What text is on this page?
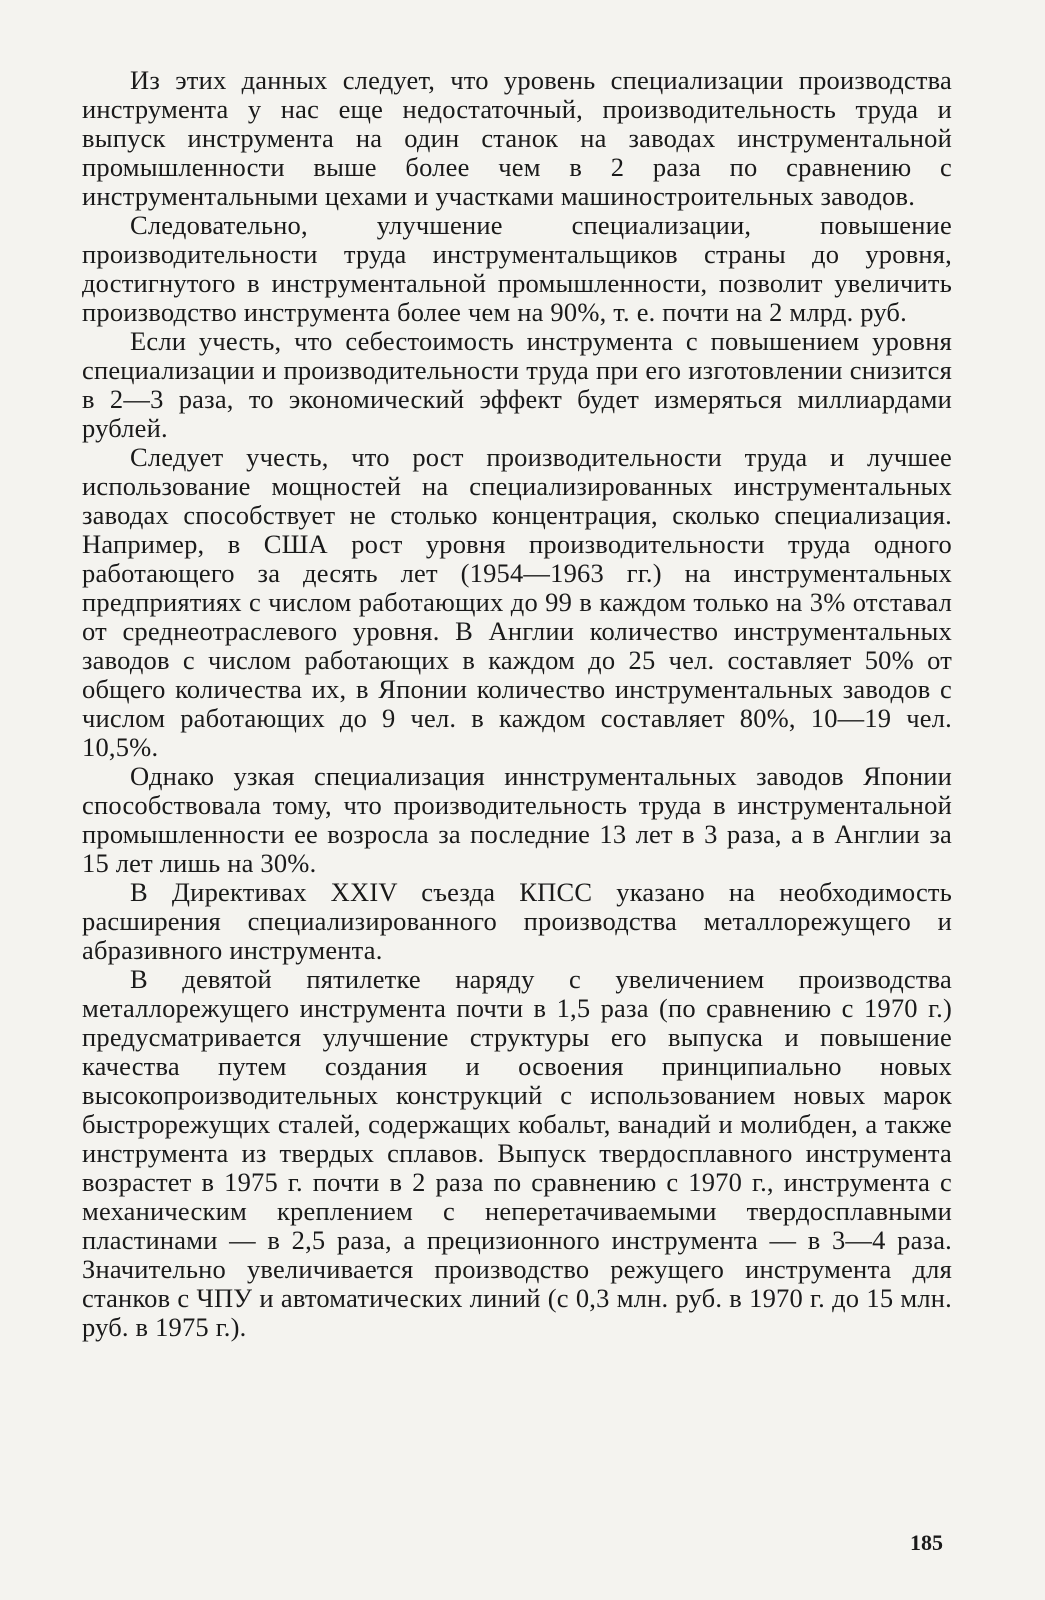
Из этих данных следует, что уровень специализации производства инструмента у нас еще недостаточный, производительность труда и выпуск инструмента на один станок на заводах инструментальной промышленности выше более чем в 2 раза по сравнению с инструментальными цехами и участками машиностроительных заводов.

Следовательно, улучшение специализации, повышение производительности труда инструментальщиков страны до уровня, достигнутого в инструментальной промышленности, позволит увеличить производство инструмента более чем на 90%, т. е. почти на 2 млрд. руб.

Если учесть, что себестоимость инструмента с повышением уровня специализации и производительности труда при его изготовлении снизится в 2—3 раза, то экономический эффект будет измеряться миллиардами рублей.

Следует учесть, что рост производительности труда и лучшее использование мощностей на специализированных инструментальных заводах способствует не столько концентрация, сколько специализация. Например, в США рост уровня производительности труда одного работающего за десять лет (1954—1963 гг.) на инструментальных предприятиях с числом работающих до 99 в каждом только на 3% отставал от среднеотраслевого уровня. В Англии количество инструментальных заводов с числом работающих в каждом до 25 чел. составляет 50% от общего количества их, в Японии количество инструментальных заводов с числом работающих до 9 чел. в каждом составляет 80%, 10—19 чел. 10,5%.

Однако узкая специализация иннструментальных заводов Японии способствовала тому, что производительность труда в инструментальной промышленности ее возросла за последние 13 лет в 3 раза, а в Англии за 15 лет лишь на 30%.

В Директивах XXIV съезда КПСС указано на необходимость расширения специализированного производства металлорежущего и абразивного инструмента.

В девятой пятилетке наряду с увеличением производства металлорежущего инструмента почти в 1,5 раза (по сравнению с 1970 г.) предусматривается улучшение структуры его выпуска и повышение качества путем создания и освоения принципиально новых высокопроизводительных конструкций с использованием новых марок быстрорежущих сталей, содержащих кобальт, ванадий и молибден, а также инструмента из твердых сплавов. Выпуск твердосплавного инструмента возрастет в 1975 г. почти в 2 раза по сравнению с 1970 г., инструмента с механическим креплением с неперетачиваемыми твердосплавными пластинами — в 2,5 раза, а прецизионного инструмента — в 3—4 раза. Значительно увеличивается производство режущего инструмента для станков с ЧПУ и автоматических линий (с 0,3 млн. руб. в 1970 г. до 15 млн. руб. в 1975 г.).

185
